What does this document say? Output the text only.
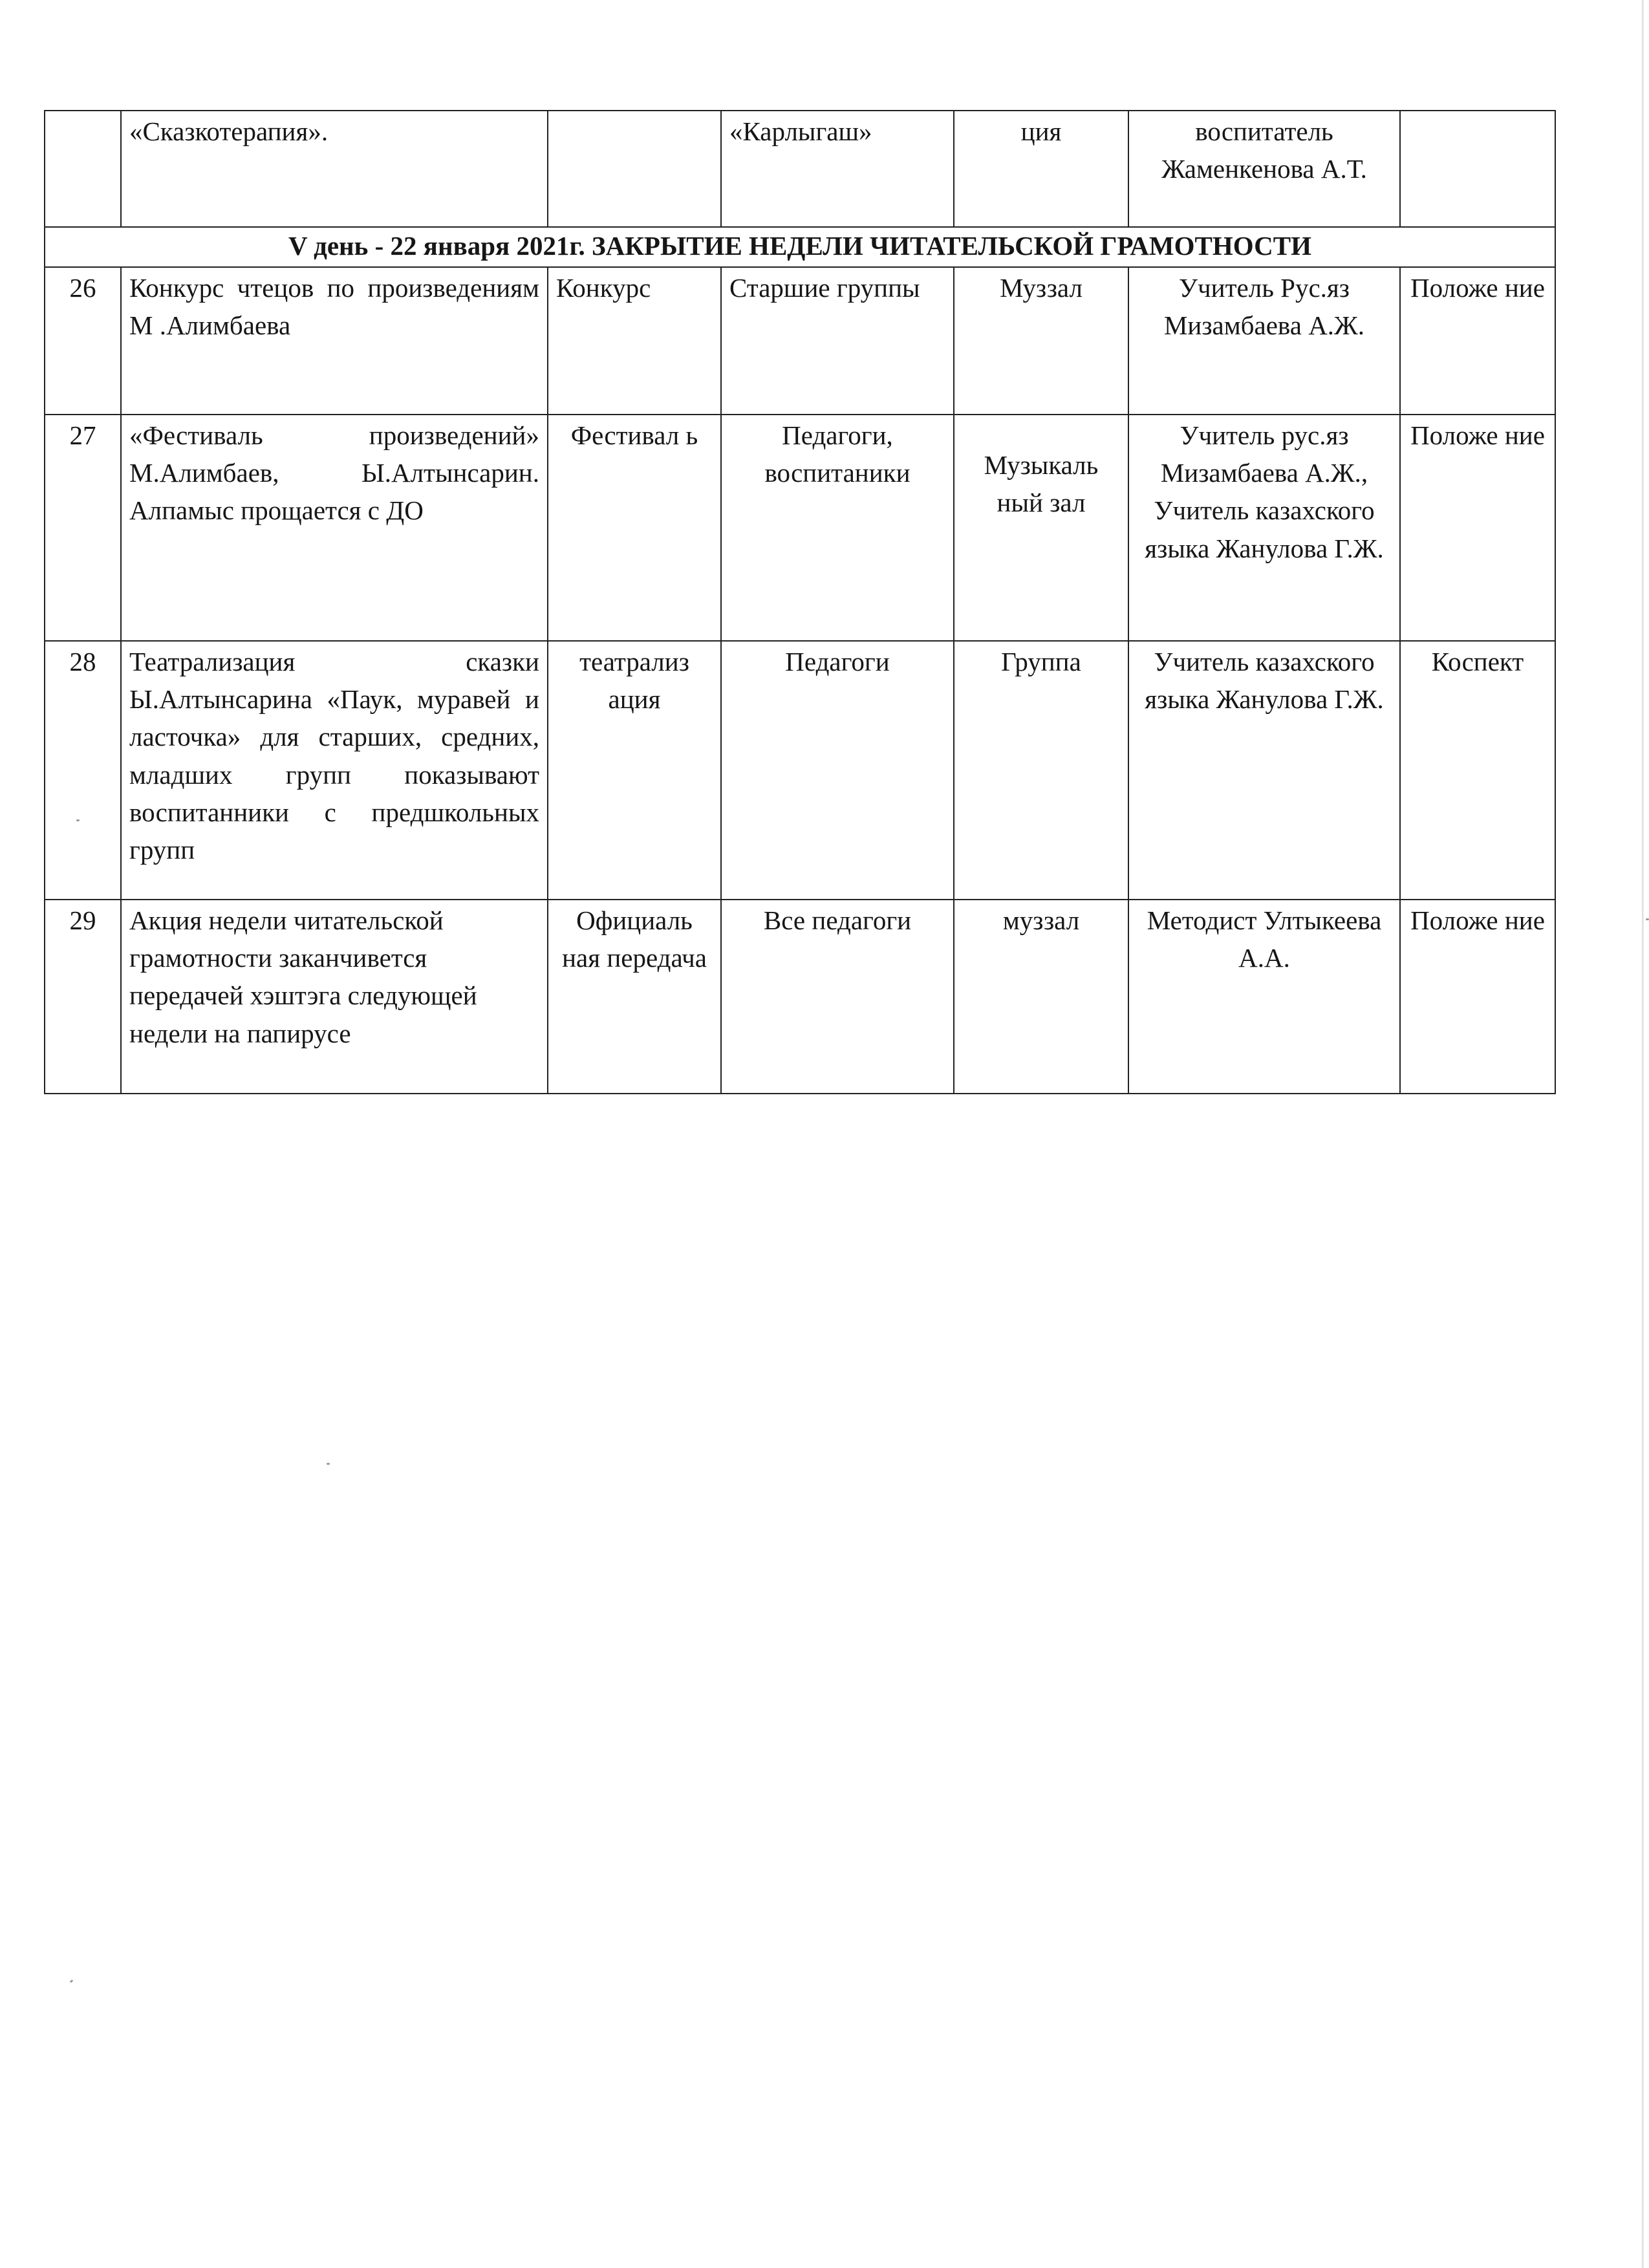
	«Сказкотерапия».		«Карлыгаш»	ция	воспитатель Жаменкенова А.Т.	
V день - 22 января 2021г. ЗАКРЫТИЕ НЕДЕЛИ ЧИТАТЕЛЬСКОЙ ГРАМОТНОСТИ						
26	Конкурс чтецов по произведениям М .Алимбаева	Конкурс	Старшие группы	Муззал	Учитель Рус.яз Мизамбаева А.Ж.	Положе ние
27	«Фестиваль произведений» М.Алимбаев, Ы.Алтынсарин. Алпамыс прощается с ДО	Фестивал ь	Педагоги, воспитаники	Музыкаль ный зал	Учитель рус.яз Мизамбаева А.Ж., Учитель казахского языка Жанулова Г.Ж.	Положе ние
28	Театрализация сказки Ы.Алтынсарина «Паук, муравей и ласточка» для старших, средних, младших групп показывают воспитанники с предшкольных групп	театрализ ация	Педагоги	Группа	Учитель казахского языка Жанулова Г.Ж.	Коспект
29	Акция недели читательской грамотности заканчивется передачей хэштэга следующей недели на папирусе	Официаль ная передача	Все педагоги	муззал	Методист Ултыкеева А.А.	Положе ние
